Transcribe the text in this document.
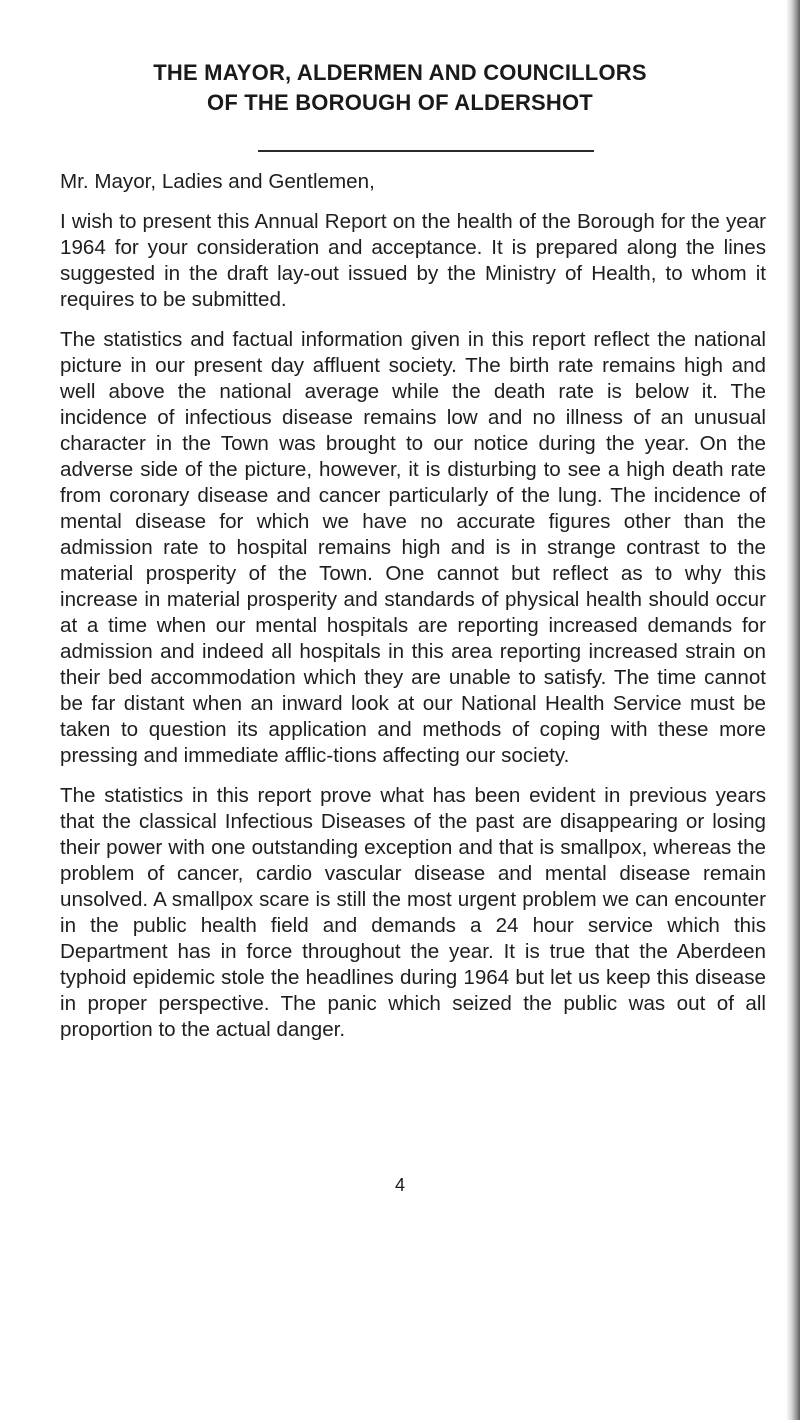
THE MAYOR, ALDERMEN AND COUNCILLORS
OF THE BOROUGH OF ALDERSHOT

Mr. Mayor, Ladies and Gentlemen,

I wish to present this Annual Report on the health of the Borough for the year 1964 for your consideration and acceptance. It is prepared along the lines suggested in the draft lay-out issued by the Ministry of Health, to whom it requires to be submitted.

The statistics and factual information given in this report reflect the national picture in our present day affluent society. The birth rate remains high and well above the national average while the death rate is below it. The incidence of infectious disease remains low and no illness of an unusual character in the Town was brought to our notice during the year. On the adverse side of the picture, however, it is disturbing to see a high death rate from coronary disease and cancer particularly of the lung. The incidence of mental disease for which we have no accurate figures other than the admission rate to hospital remains high and is in strange contrast to the material prosperity of the Town. One cannot but reflect as to why this increase in material prosperity and standards of physical health should occur at a time when our mental hospitals are reporting increased demands for admission and indeed all hospitals in this area reporting increased strain on their bed accommodation which they are unable to satisfy. The time cannot be far distant when an inward look at our National Health Service must be taken to question its application and methods of coping with these more pressing and immediate afflic-tions affecting our society.

The statistics in this report prove what has been evident in previous years that the classical Infectious Diseases of the past are disappearing or losing their power with one outstanding exception and that is smallpox, whereas the problem of cancer, cardio vascular disease and mental disease remain unsolved. A smallpox scare is still the most urgent problem we can encounter in the public health field and demands a 24 hour service which this Department has in force throughout the year. It is true that the Aberdeen typhoid epidemic stole the headlines during 1964 but let us keep this disease in proper perspective. The panic which seized the public was out of all proportion to the actual danger.

4
